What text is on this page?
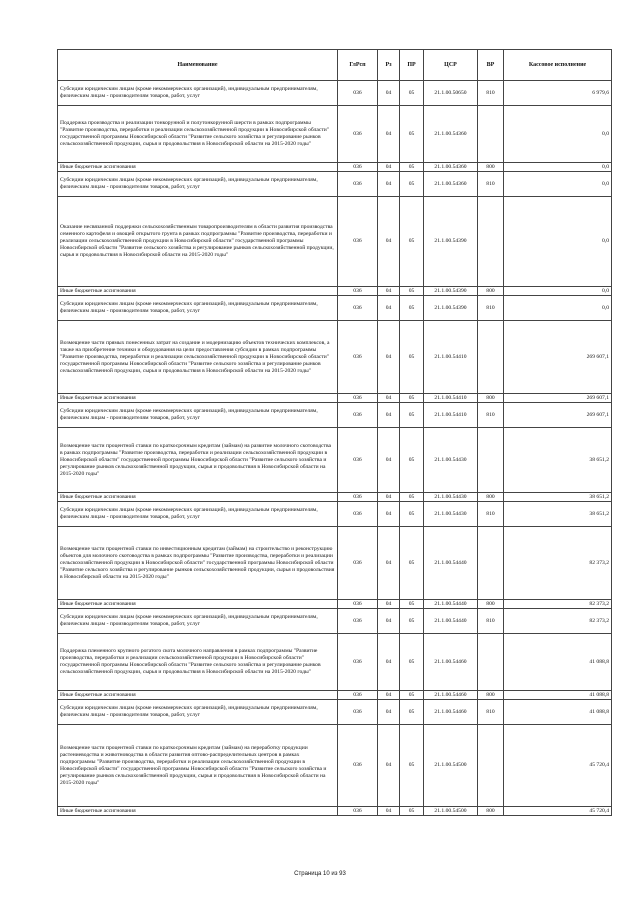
Наименование	ГлРсп	Рз	ПР	ЦСР	ВР	Кассовое исполнение
Субсидии юридическим лицам (кроме некоммерческих организаций), индивидуальным предпринимателям, физическим лицам - производителям товаров, работ, услуг	036	04	05	21.1.00.50650	810	6 979,6
Поддержка производства и реализации тонкорунной и полутонкорунной шерсти в рамках подпрограммы "Развитие производства, переработки и реализации сельскохозяйственной продукции в Новосибирской области" государственной программы Новосибирской области "Развитие сельского хозяйства и регулирование рынков сельскохозяйственной продукции, сырья и продовольствия в Новосибирской области на 2015-2020 годы"	036	04	05	21.1.00.54360		0,0
Иные бюджетные ассигнования	036	04	05	21.1.00.54360	800	0,0
Субсидии юридическим лицам (кроме некоммерческих организаций), индивидуальным предпринимателям, физическим лицам - производителям товаров, работ, услуг	036	04	05	21.1.00.54360	810	0,0
Оказание несвязанной поддержки сельскохозяйственным товаропроизводителям в области развития производства семенного картофеля и овощей открытого грунта в рамках подпрограммы "Развитие производства, переработки и реализации сельскохозяйственной продукции в Новосибирской области" государственной программы Новосибирской области "Развитие сельского хозяйства и регулирование рынков сельскохозяйственной продукции, сырья и продовольствия в Новосибирской области на 2015-2020 годы"	036	04	05	21.1.00.54390		0,0
Иные бюджетные ассигнования	036	04	05	21.1.00.54390	800	0,0
Субсидии юридическим лицам (кроме некоммерческих организаций), индивидуальным предпринимателям, физическим лицам - производителям товаров, работ, услуг	036	04	05	21.1.00.54390	810	0,0
Возмещение части прямых понесенных затрат на создание и модернизацию объектов технических комплексов, а также на приобретение техники и оборудования на цели предоставления субсидии в рамках подпрограммы "Развитие производства, переработки и реализации сельскохозяйственной продукции в Новосибирской области" государственной программы Новосибирской области "Развитие сельского хозяйства и регулирование рынков сельскохозяйственной продукции, сырья и продовольствия в Новосибирской области на 2015-2020 годы"	036	04	05	21.1.00.54410		269 607,1
Иные бюджетные ассигнования	036	04	05	21.1.00.54410	800	269 607,1
Субсидии юридическим лицам (кроме некоммерческих организаций), индивидуальным предпринимателям, физическим лицам - производителям товаров, работ, услуг	036	04	05	21.1.00.54410	810	269 607,1
Возмещение части процентной ставки по краткосрочным кредитам (займам) на развитие молочного скотоводства в рамках подпрограммы "Развитие производства, переработки и реализации сельскохозяйственной продукции в Новосибирской области" государственной программы Новосибирской области "Развитие сельского хозяйства и регулирование рынков сельскохозяйственной продукции, сырья и продовольствия в Новосибирской области на 2015-2020 годы"	036	04	05	21.1.00.54430		38 651,2
Иные бюджетные ассигнования	036	04	05	21.1.00.54430	800	38 651,2
Субсидии юридическим лицам (кроме некоммерческих организаций), индивидуальным предпринимателям, физическим лицам - производителям товаров, работ, услуг	036	04	05	21.1.00.54430	810	38 651,2
Возмещение части процентной ставки по инвестиционным кредитам (займам) на строительство и реконструкцию объектов для молочного скотоводства в рамках подпрограммы "Развитие производства, переработки и реализации сельскохозяйственной продукции в Новосибирской области" государственной программы Новосибирской области "Развитие сельского хозяйства и регулирование рынков сельскохозяйственной продукции, сырья и продовольствия в Новосибирской области на 2015-2020 годы"	036	04	05	21.1.00.54440		82 373,2
Иные бюджетные ассигнования	036	04	05	21.1.00.54440	800	82 373,2
Субсидии юридическим лицам (кроме некоммерческих организаций), индивидуальным предпринимателям, физическим лицам - производителям товаров, работ, услуг	036	04	05	21.1.00.54440	810	82 373,2
Поддержка племенного крупного рогатого скота молочного направления в рамках подпрограммы "Развитие производства, переработки и реализации сельскохозяйственной продукции в Новосибирской области" государственной программы Новосибирской области "Развитие сельского хозяйства и регулирование рынков сельскохозяйственной продукции, сырья и продовольствия в Новосибирской области на 2015-2020 годы"	036	04	05	21.1.00.54460		41 088,8
Иные бюджетные ассигнования	036	04	05	21.1.00.54460	800	41 088,8
Субсидии юридическим лицам (кроме некоммерческих организаций), индивидуальным предпринимателям, физическим лицам - производителям товаров, работ, услуг	036	04	05	21.1.00.54460	810	41 088,8
Возмещение части процентной ставки по краткосрочным кредитам (займам) на переработку продукции растениеводства и животноводства в области развития оптово-распределительных центров в рамках подпрограммы "Развитие производства, переработки и реализации сельскохозяйственной продукции в Новосибирской области" государственной программы Новосибирской области "Развитие сельского хозяйства и регулирование рынков сельскохозяйственной продукции, сырья и продовольствия в Новосибирской области на 2015-2020 годы"	036	04	05	21.1.00.54500		45 720,4
Иные бюджетные ассигнования	036	04	05	21.1.00.54500	800	45 720,4
Страница 10 из 93
